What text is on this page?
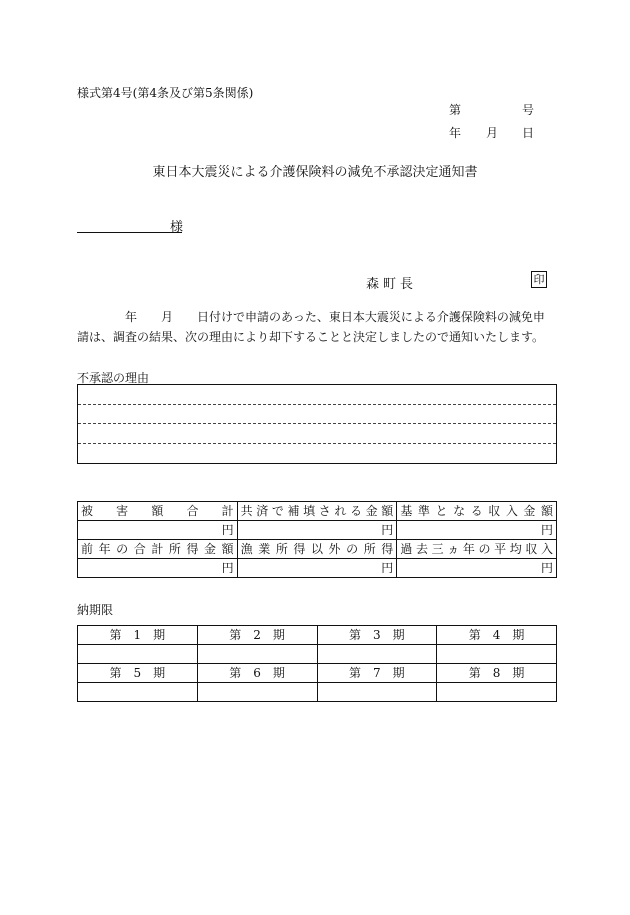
様式第4号(第4条及び第5条関係)
第	号
年 月 日
東日本大震災による介護保険料の減免不承認決定通知書
様
森町長	印
　　　　年　　月　　日付けで申請のあった、東日本大震災による介護保険料の減免申
請は、調査の結果、次の理由により却下することと決定しましたので通知いたします。
不承認の理由
被害額合計	共済で補填される金額	基準となる収入金額
円	円	円
前年の合計所得金額	漁業所得以外の所得	過去三ヵ年の平均収入
円	円	円
納期限
第　1　期	第　2　期	第　3　期	第　4　期

第　5　期	第　6　期	第　7　期	第　8　期
